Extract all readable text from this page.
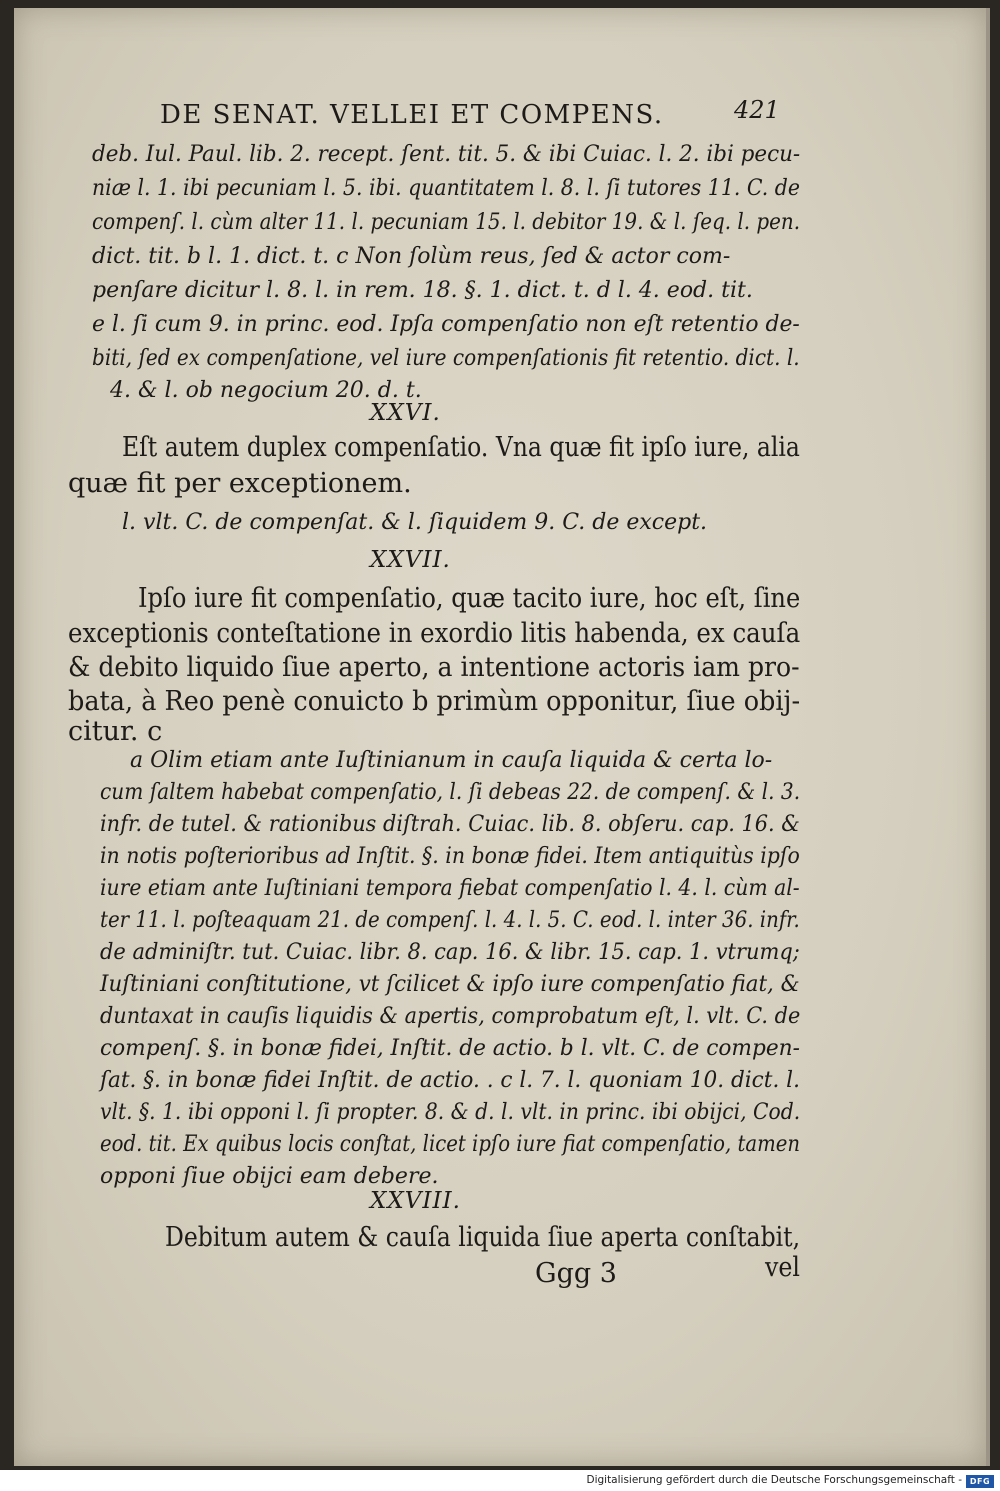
DE SENAT. VELLEI ET COMPENS.	421
deb. Iul. Paul. lib. 2. recept. ſent. tit. 5. & ibi Cuiac. l. 2. ibi pecu-
niæ l. 1. ibi pecuniam l. 5. ibi. quantitatem l. 8. l. ſi tutores 11. C. de
compenſ. l. cùm alter 11. l. pecuniam 15. l. debitor 19. & l. ſeq. l. pen.
dict. tit. b l. 1. dict. t. c Non ſolùm reus, ſed & actor com-
penſare dicitur l. 8. l. in rem. 18. §. 1. dict. t. d l. 4. eod. tit.
e l. ſi cum 9. in princ. eod. Ipſa compenſatio non eſt retentio de-
biti, ſed ex compenſatione, vel iure compenſationis fit retentio. dict. l.
4. & l. ob negocium 20. d. t.
XXVI.
Eſt autem duplex compenſatio. Vna quæ fit ipſo iure, alia
quæ fit per exceptionem.
l. vlt. C. de compenſat. & l. ſiquidem 9. C. de except.
XXVII.
Ipſo iure fit compenſatio, quæ tacito iure, hoc eſt, ſine
exceptionis conteſtatione in exordio litis habenda, ex cauſa
& debito liquido ſiue aperto, a intentione actoris iam pro-
bata, à Reo penè conuicto b primùm opponitur, ſiue obij-
citur. c
a Olim etiam ante Iuſtinianum in cauſa liquida & certa lo-
cum ſaltem habebat compenſatio, l. ſi debeas 22. de compenſ. & l. 3.
infr. de tutel. & rationibus diſtrah. Cuiac. lib. 8. obſeru. cap. 16. &
in notis poſterioribus ad Inſtit. §. in bonæ fidei. Item antiquitùs ipſo
iure etiam ante Iuſtiniani tempora fiebat compenſatio l. 4. l. cùm al-
ter 11. l. poſteaquam 21. de compenſ. l. 4. l. 5. C. eod. l. inter 36. infr.
de adminiſtr. tut. Cuiac. libr. 8. cap. 16. & libr. 15. cap. 1. vtrumq;
Iuſtiniani conſtitutione, vt ſcilicet & ipſo iure compenſatio fiat, &
duntaxat in cauſis liquidis & apertis, comprobatum eſt, l. vlt. C. de
compenſ. §. in bonæ fidei, Inſtit. de actio. b l. vlt. C. de compen-
ſat. §. in bonæ fidei Inſtit. de actio. . c l. 7. l. quoniam 10. dict. l.
vlt. §. 1. ibi opponi l. ſi propter. 8. & d. l. vlt. in princ. ibi obijci, Cod.
eod. tit. Ex quibus locis conſtat, licet ipſo iure fiat compenſatio, tamen
opponi ſiue obijci eam debere.
XXVIII.
Debitum autem & cauſa liquida ſiue aperta conſtabit,
Ggg 3	vel
Digitalisierung gefördert durch die Deutsche Forschungsgemeinschaft - DFG
